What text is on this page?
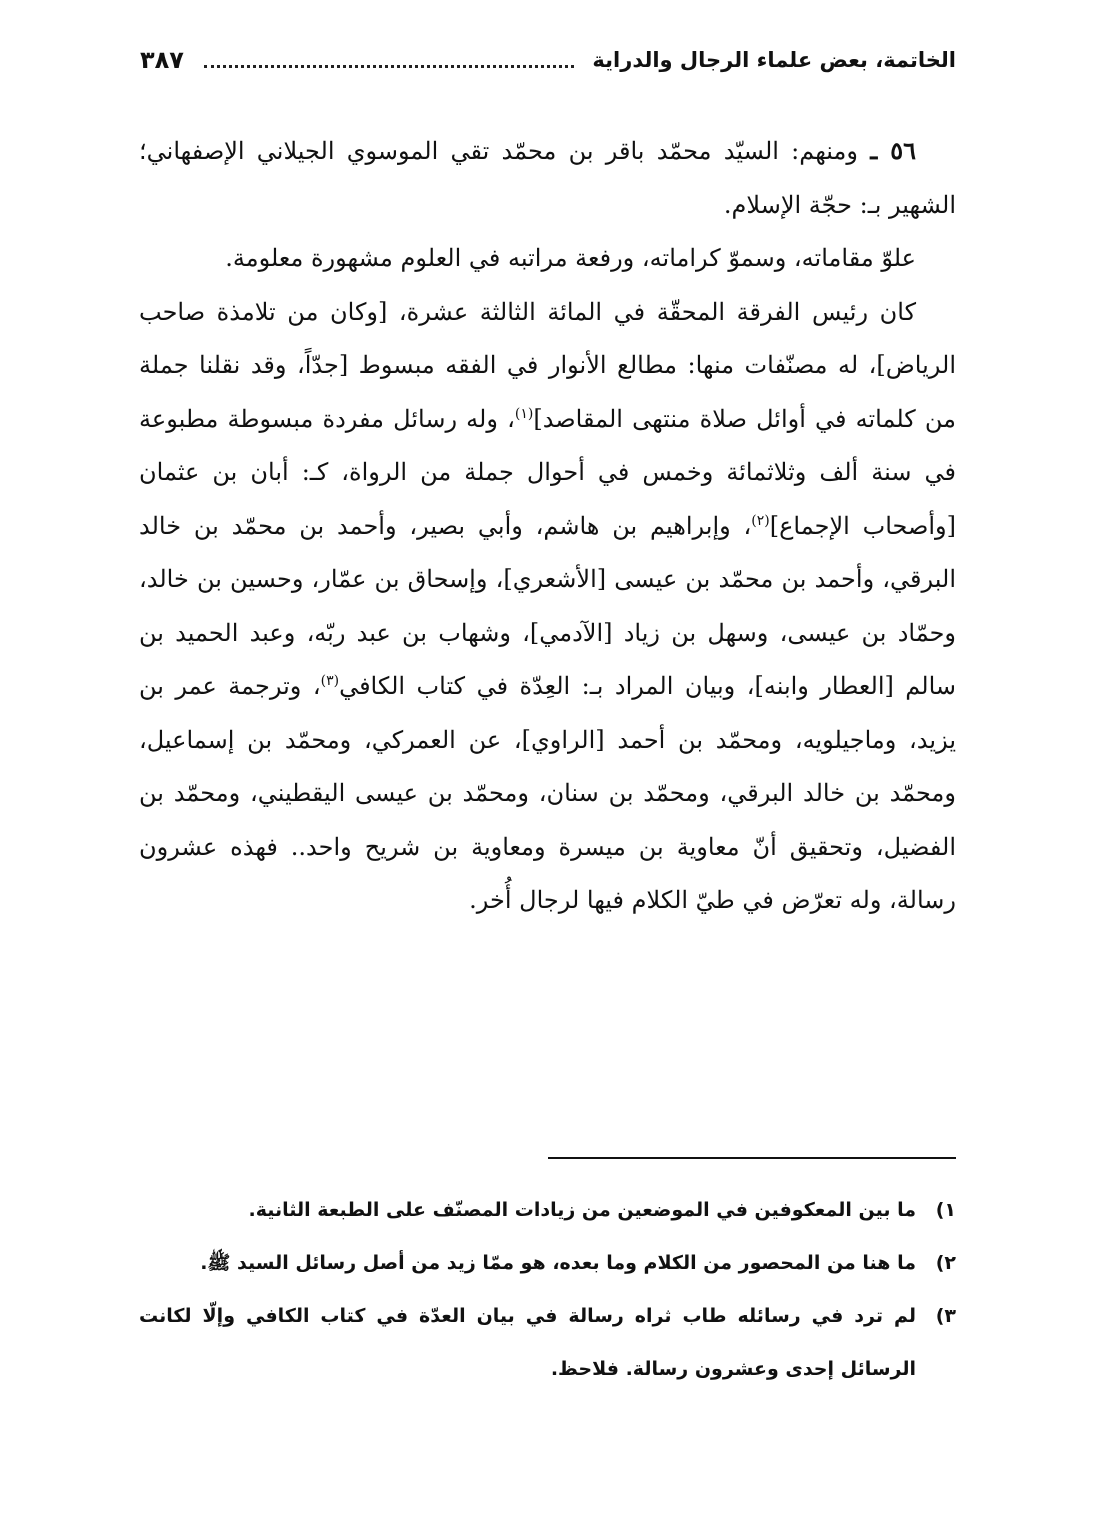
الخاتمة، بعض علماء الرجال والدراية
٣٨٧

٥٦ ـ ومنهم: السيّد محمّد باقر بن محمّد تقي الموسوي الجيلاني الإصفهاني؛ الشهير بـ: حجّة الإسلام.

علوّ مقاماته، وسموّ كراماته، ورفعة مراتبه في العلوم مشهورة معلومة.

كان رئيس الفرقة المحقّة في المائة الثالثة عشرة، [وكان من تلامذة صاحب الرياض]، له مصنّفات منها: مطالع الأنوار في الفقه مبسوط [جدّاً، وقد نقلنا جملة من كلماته في أوائل صلاة منتهى المقاصد]$^{(١)}$، وله رسائل مفردة مبسوطة مطبوعة في سنة ألف وثلاثمائة وخمس في أحوال جملة من الرواة، كـ: أبان بن عثمان [وأصحاب الإجماع]$^{(٢)}$، وإبراهيم بن هاشم، وأبي بصير، وأحمد بن محمّد بن خالد البرقي، وأحمد بن محمّد بن عيسى [الأشعري]، وإسحاق بن عمّار، وحسين بن خالد، وحمّاد بن عيسى، وسهل بن زياد [الآدمي]، وشهاب بن عبد ربّه، وعبد الحميد بن سالم [العطار وابنه]، وبيان المراد بـ: العِدّة في كتاب الكافي$^{(٣)}$، وترجمة عمر بن يزيد، وماجيلويه، ومحمّد بن أحمد [الراوي]، عن العمركي، ومحمّد بن إسماعيل، ومحمّد بن خالد البرقي، ومحمّد بن سنان، ومحمّد بن عيسى اليقطيني، ومحمّد بن الفضيل، وتحقيق أنّ معاوية بن ميسرة ومعاوية بن شريح واحد.. فهذه عشرون رسالة، وله تعرّض في طيّ الكلام فيها لرجال أُخر.

١)
ما بين المعكوفين في الموضعين من زيادات المصنّف على الطبعة الثانية.
٢)
ما هنا من المحصور من الكلام وما بعده، هو ممّا زيد من أصل رسائل السيد ﷺ.
٣)
لم ترد في رسائله طاب ثراه رسالة في بيان العدّة في كتاب الكافي وإلّا لكانت الرسائل إحدى وعشرون رسالة. فلاحظ.
